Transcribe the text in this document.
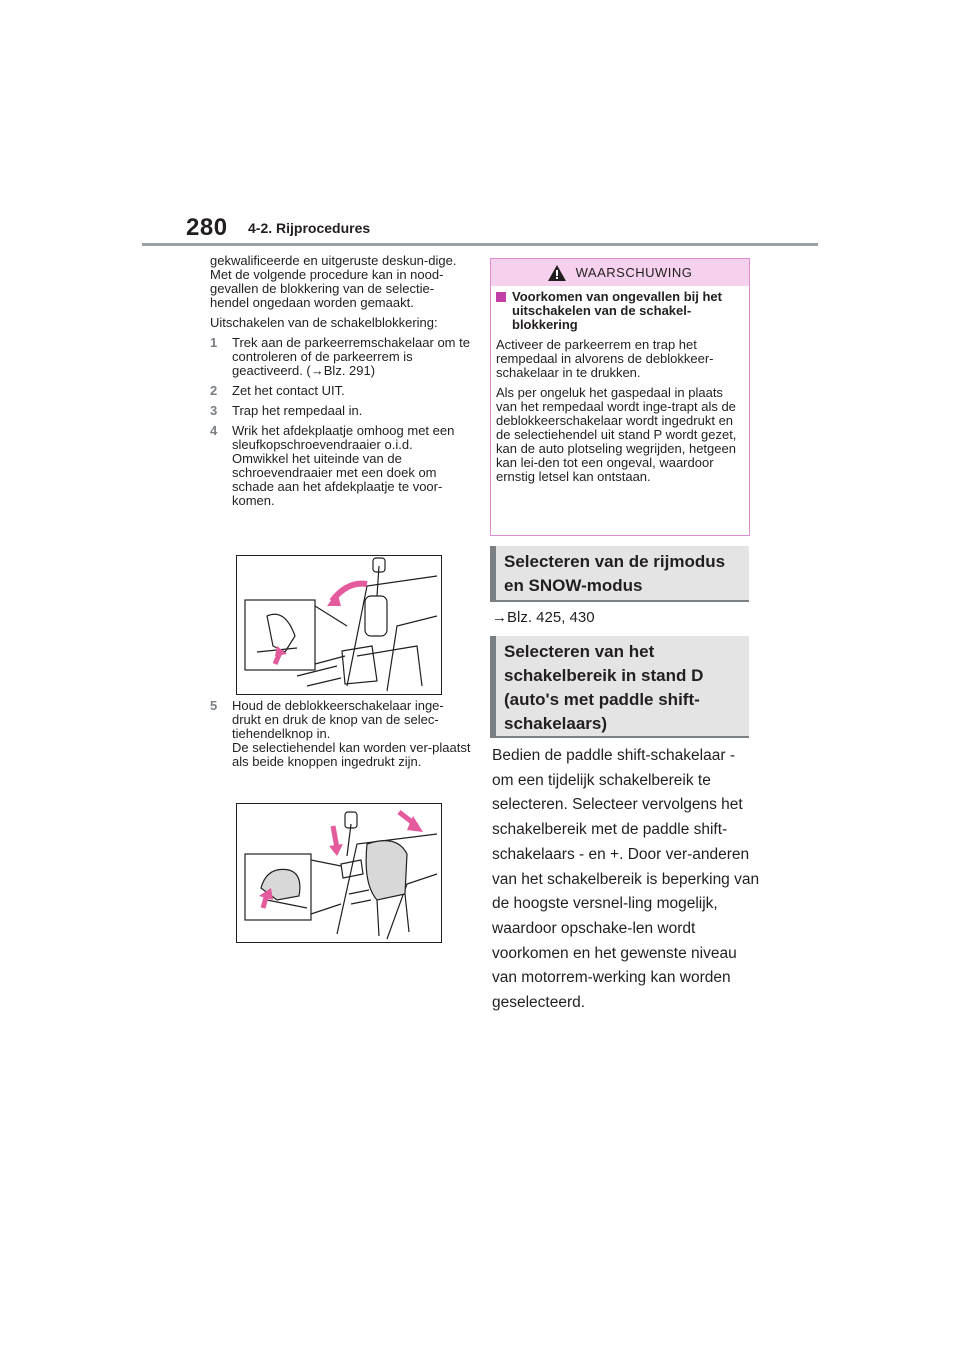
280 4-2. Rijprocedures

gekwalificeerde en uitgeruste deskun-dige.
Met de volgende procedure kan in nood-gevallen de blokkering van de selectie-hendel ongedaan worden gemaakt.

Uitschakelen van de schakelblokkering:

1	Trek aan de parkeerremschakelaar om te controleren of de parkeerrem is geactiveerd. (→Blz. 291)
2	Zet het contact UIT.
3	Trap het rempedaal in.
4	Wrik het afdekplaatje omhoog met een sleufkopschroevendraaier o.i.d. Omwikkel het uiteinde van de schroevendraaier met een doek om schade aan het afdekplaatje te voor-komen.
5	Houd de deblokkeerschakelaar inge-drukt en druk de knop van de selec-tiehendelknop in.
De selectiehendel kan worden ver-plaatst als beide knoppen ingedrukt zijn.
WAARSCHUWING
Voorkomen van ongevallen bij het uitschakelen van de schakel-blokkering

Activeer de parkeerrem en trap het rempedaal in alvorens de deblokkeer-schakelaar in te drukken.

Als per ongeluk het gaspedaal in plaats van het rempedaal wordt inge-trapt als de deblokkeerschakelaar wordt ingedrukt en de selectiehendel uit stand P wordt gezet, kan de auto plotseling wegrijden, hetgeen kan lei-den tot een ongeval, waardoor ernstig letsel kan ontstaan.

Selecteren van de rijmodus en SNOW-modus
→Blz. 425, 430
Selecteren van het schakelbereik in stand D (auto's met paddle shift-schakelaars)
Bedien de paddle shift-schakelaar - om een tijdelijk schakelbereik te selecteren. Selecteer vervolgens het schakelbereik met de paddle shift-schakelaars - en +. Door ver-anderen van het schakelbereik is beperking van de hoogste versnel-ling mogelijk, waardoor opschake-len wordt voorkomen en het gewenste niveau van motorrem-werking kan worden geselecteerd.
